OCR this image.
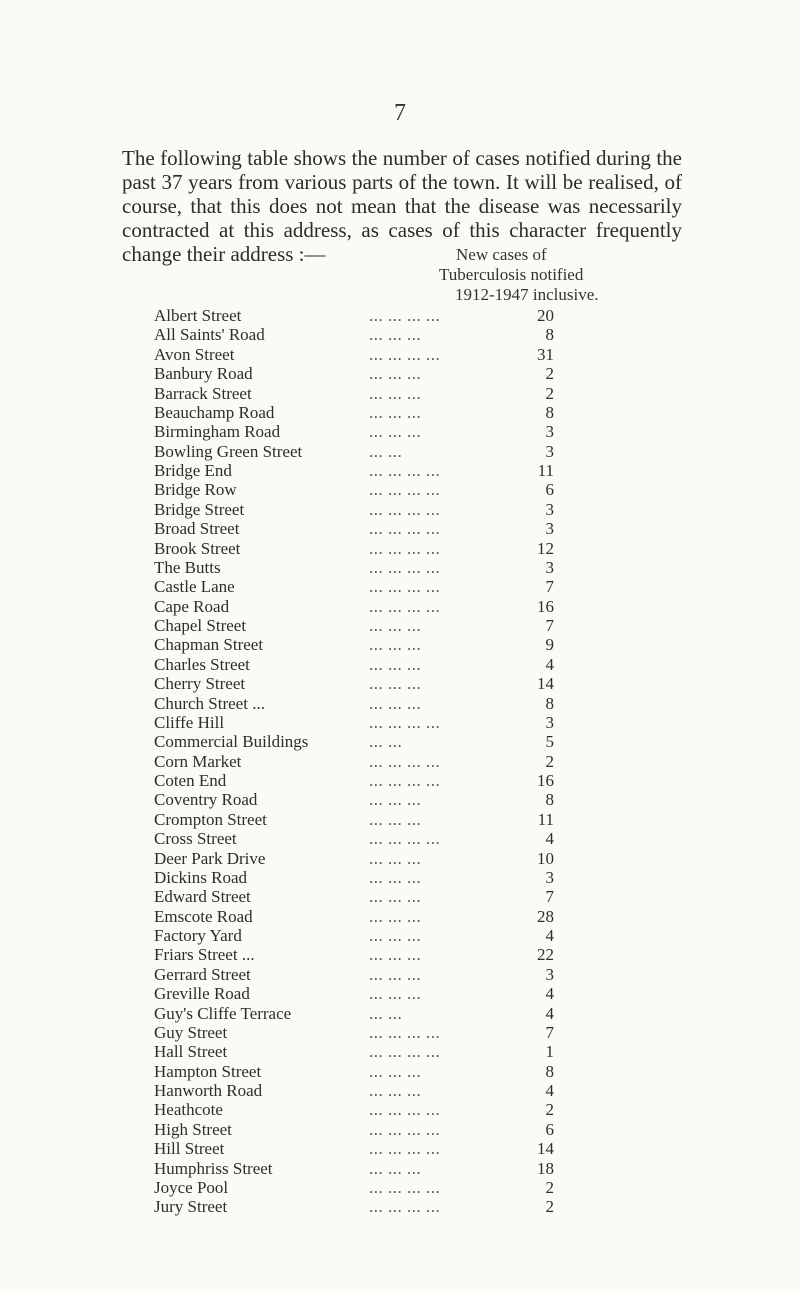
7

The following table shows the number of cases notified during the past 37 years from various parts of the town. It will be realised, of course, that this does not mean that the disease was necessarily contracted at this address, as cases of this character frequently change their address :—	New cases of
Tuberculosis notified
1912-1947 inclusive.
Albert Street	... ... ... ...	20
All Saints' Road	... ... ...	8
Avon Street	... ... ... ...	31
Banbury Road	... ... ...	2
Barrack Street	... ... ...	2
Beauchamp Road	... ... ...	8
Birmingham Road	... ... ...	3
Bowling Green Street	... ...	3
Bridge End	... ... ... ...	11
Bridge Row	... ... ... ...	6
Bridge Street	... ... ... ...	3
Broad Street	... ... ... ...	3
Brook Street	... ... ... ...	12
The Butts	... ... ... ...	3
Castle Lane	... ... ... ...	7
Cape Road	... ... ... ...	16
Chapel Street	... ... ...	7
Chapman Street	... ... ...	9
Charles Street	... ... ...	4
Cherry Street	... ... ...	14
Church Street ...	... ... ...	8
Cliffe Hill	... ... ... ...	3
Commercial Buildings	... ...	5
Corn Market	... ... ... ...	2
Coten End	... ... ... ...	16
Coventry Road	... ... ...	8
Crompton Street	... ... ...	11
Cross Street	... ... ... ...	4
Deer Park Drive	... ... ...	10
Dickins Road	... ... ...	3
Edward Street	... ... ...	7
Emscote Road	... ... ...	28
Factory Yard	... ... ...	4
Friars Street ...	... ... ...	22
Gerrard Street	... ... ...	3
Greville Road	... ... ...	4
Guy's Cliffe Terrace	... ...	4
Guy Street	... ... ... ...	7
Hall Street	... ... ... ...	1
Hampton Street	... ... ...	8
Hanworth Road	... ... ...	4
Heathcote	... ... ... ...	2
High Street	... ... ... ...	6
Hill Street	... ... ... ...	14
Humphriss Street	... ... ...	18
Joyce Pool	... ... ... ...	2
Jury Street	... ... ... ...	2
